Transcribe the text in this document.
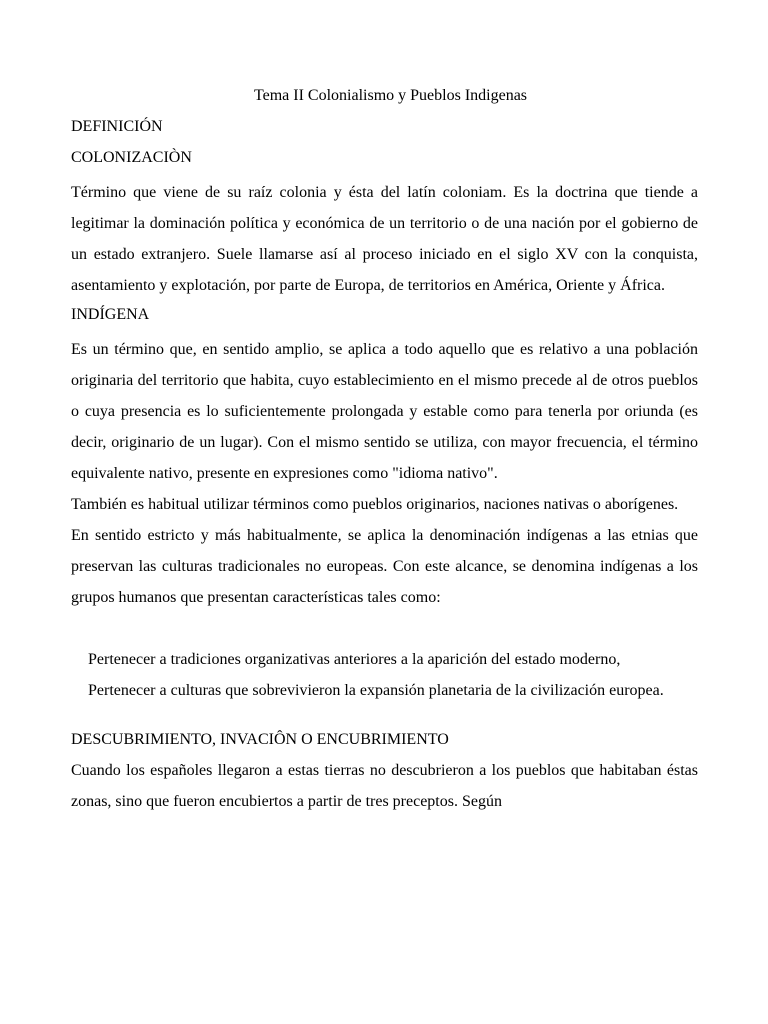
Tema II Colonialismo y Pueblos Indigenas

DEFINICIÓN

COLONIZACIÒN

Término que viene de su raíz colonia y ésta del latín coloniam. Es la doctrina que tiende a legitimar la dominación política y económica de un territorio o de una nación por el gobierno de un estado extranjero. Suele llamarse así al proceso iniciado en el siglo XV con la conquista, asentamiento y explotación, por parte de Europa, de territorios en América, Oriente y África.

INDÍGENA

Es un término que, en sentido amplio, se aplica a todo aquello que es relativo a una población originaria del territorio que habita, cuyo establecimiento en el mismo precede al de otros pueblos o cuya presencia es lo suficientemente prolongada y estable como para tenerla por oriunda (es decir, originario de un lugar). Con el mismo sentido se utiliza, con mayor frecuencia, el término equivalente nativo, presente en expresiones como "idioma nativo".

También es habitual utilizar términos como pueblos originarios, naciones nativas o aborígenes.

En sentido estricto y más habitualmente, se aplica la denominación indígenas a las etnias que preservan las culturas tradicionales no europeas. Con este alcance, se denomina indígenas a los grupos humanos que presentan características tales como:

Pertenecer a tradiciones organizativas anteriores a la aparición del estado moderno,

Pertenecer a culturas que sobrevivieron la expansión planetaria de la civilización europea.

DESCUBRIMIENTO, INVACIÔN O ENCUBRIMIENTO

Cuando los españoles llegaron a estas tierras no descubrieron a los pueblos que habitaban éstas zonas, sino que fueron encubiertos a partir de tres preceptos. Según
